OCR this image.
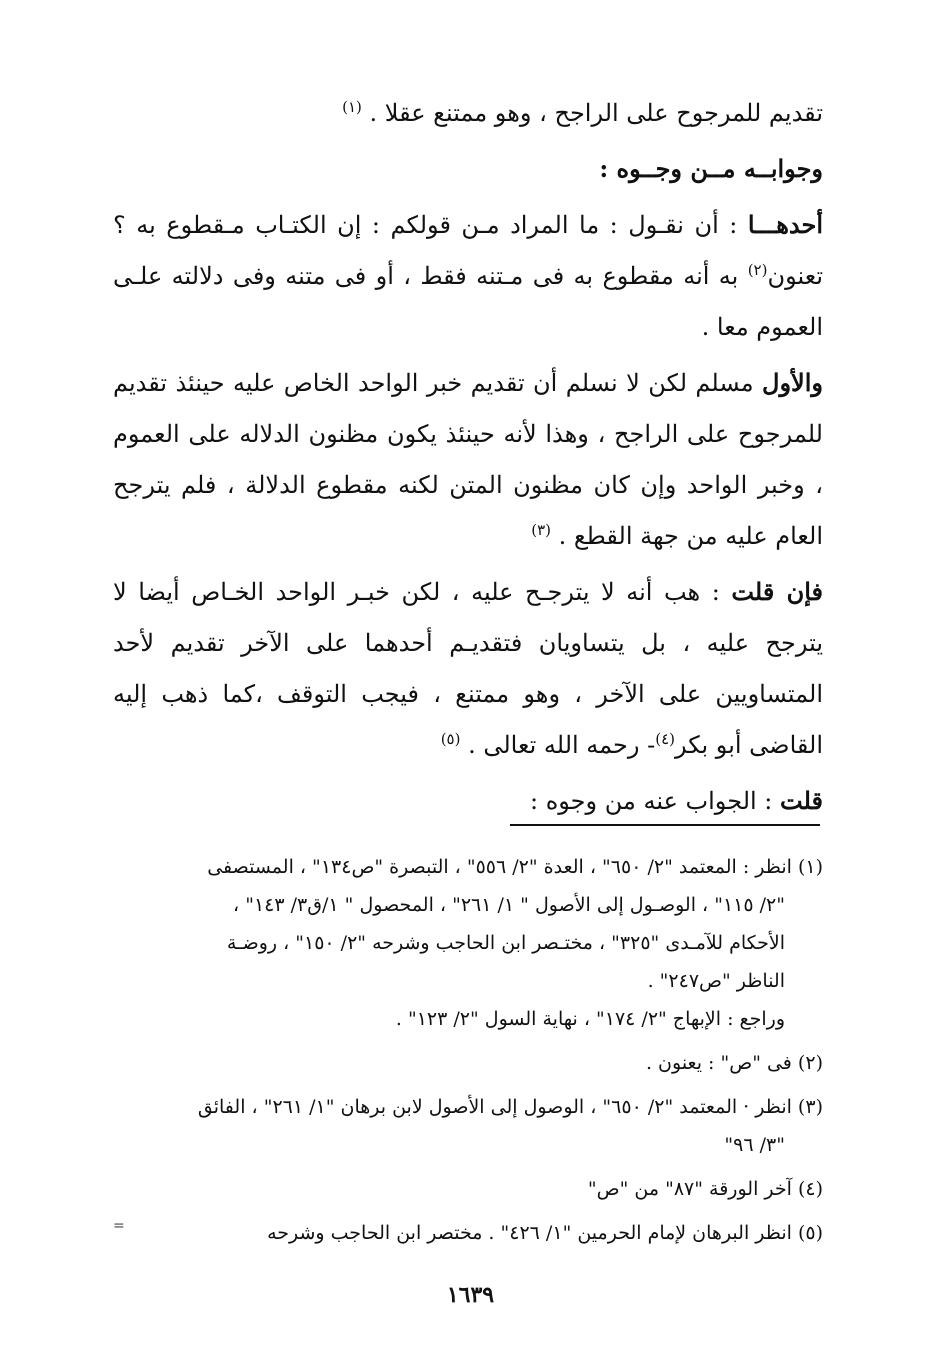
تقديم للمرجوح على الراجح ، وهو ممتنع عقلا . $^{(١)}$

وجوابــه مــن وجــوه :

أحدهـــا : أن نقـول : ما المراد مـن قولكم : إن الكتـاب مـقطوع به ؟ تعنون$^{(٢)}$ به أنه مقطوع به فى مـتنه فقط ، أو فى متنه وفى دلالته علـى العموم معا .

والأول مسلم لكن لا نسلم أن تقديم خبر الواحد الخاص عليه حينئذ تقديم للمرجوح على الراجح ، وهذا لأنه حينئذ يكون مظنون الدلاله على العموم ، وخبر الواحد وإن كان مظنون المتن لكنه مقطوع الدلالة ، فلم يترجح العام عليه من جهة القطع . $^{(٣)}$

فإن قلت : هب أنه لا يترجـح عليه ، لكن خبـر الواحد الخـاص أيضا لا يترجح عليه ، بل يتساويان فتقديـم أحدهما على الآخر تقديم لأحد المتساويين على الآخر ، وهو ممتنع ، فيجب التوقف ،كما ذهب إليه القاضى أبو بكر$^{(٤)}$- رحمه الله تعالى . $^{(٥)}$

قلت : الجواب عنه من وجوه :

(١) انظر : المعتمد "٢/ ٦٥٠" ، العدة "٢/ ٥٥٦" ، التبصرة "ص١٣٤" ، المستصفى

"٢/ ١١٥" ، الوصـول إلى الأصول " ١/ ٢٦١" ، المحصول " ١/ق٣/ ١٤٣" ،

الأحكام للآمـدى "٣٢٥" ، مختـصر ابن الحاجب وشرحه "٢/ ١٥٠" ، روضـة

الناظر "ص٢٤٧" .

وراجع : الإبهاج "٢/ ١٧٤" ، نهاية السول "٢/ ١٢٣" .

(٢) فى "ص" : يعنون .

(٣) انظر · المعتمد "٢/ ٦٥٠" ، الوصول إلى الأصول لابن برهان "١/ ٢٦١" ، الفائق

"٣/ ٩٦"

(٤) آخر الورقة "٨٧" من "ص"

(٥) انظر البرهان لإمام الحرمين "١/ ٤٢٦" . مختصر ابن الحاجب وشرحه

=
١٦٣٩
